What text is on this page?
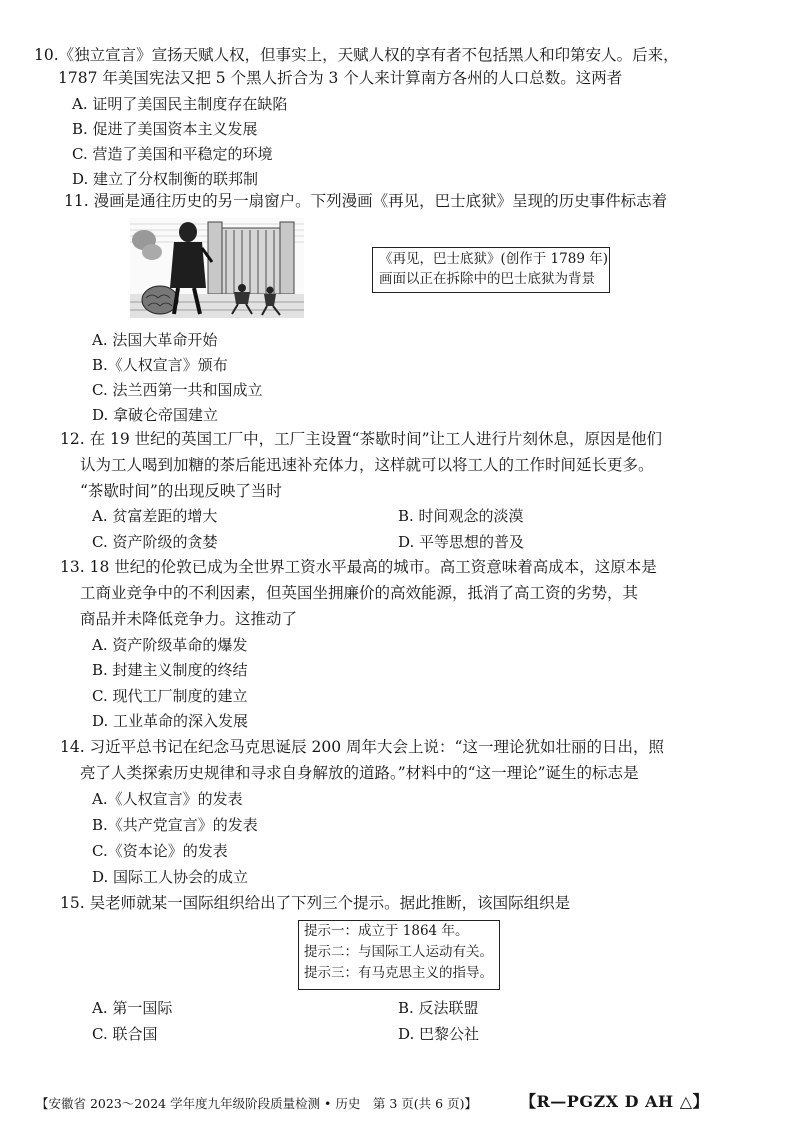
10.《独立宣言》宣扬天赋人权，但事实上，天赋人权的享有者不包括黑人和印第安人。后来，
1787 年美国宪法又把 5 个黑人折合为 3 个人来计算南方各州的人口总数。这两者
A. 证明了美国民主制度存在缺陷
B. 促进了美国资本主义发展
C. 营造了美国和平稳定的环境
D. 建立了分权制衡的联邦制
11. 漫画是通往历史的另一扇窗户。下列漫画《再见，巴士底狱》呈现的历史事件标志着
《再见，巴士底狱》(创作于 1789 年)
画面以正在拆除中的巴士底狱为背景
A. 法国大革命开始
B.《人权宣言》颁布
C. 法兰西第一共和国成立
D. 拿破仑帝国建立
12. 在 19 世纪的英国工厂中，工厂主设置“茶歇时间”让工人进行片刻休息，原因是他们
认为工人喝到加糖的茶后能迅速补充体力，这样就可以将工人的工作时间延长更多。
“茶歇时间”的出现反映了当时
A. 贫富差距的增大	B. 时间观念的淡漠
C. 资产阶级的贪婪	D. 平等思想的普及
13. 18 世纪的伦敦已成为全世界工资水平最高的城市。高工资意味着高成本，这原本是
工商业竞争中的不利因素，但英国坐拥廉价的高效能源，抵消了高工资的劣势，其
商品并未降低竞争力。这推动了
A. 资产阶级革命的爆发
B. 封建主义制度的终结
C. 现代工厂制度的建立
D. 工业革命的深入发展
14. 习近平总书记在纪念马克思诞辰 200 周年大会上说：“这一理论犹如壮丽的日出，照
亮了人类探索历史规律和寻求自身解放的道路。”材料中的“这一理论”诞生的标志是
A.《人权宣言》的发表
B.《共产党宣言》的发表
C.《资本论》的发表
D. 国际工人协会的成立
15. 吴老师就某一国际组织给出了下列三个提示。据此推断，该国际组织是
提示一：成立于 1864 年。
提示二：与国际工人运动有关。
提示三：有马克思主义的指导。
A. 第一国际	B. 反法联盟
C. 联合国	D. 巴黎公社
【安徽省 2023～2024 学年度九年级阶段质量检测 • 历史　第 3 页(共 6 页)】	【R—PGZX D AH △】
